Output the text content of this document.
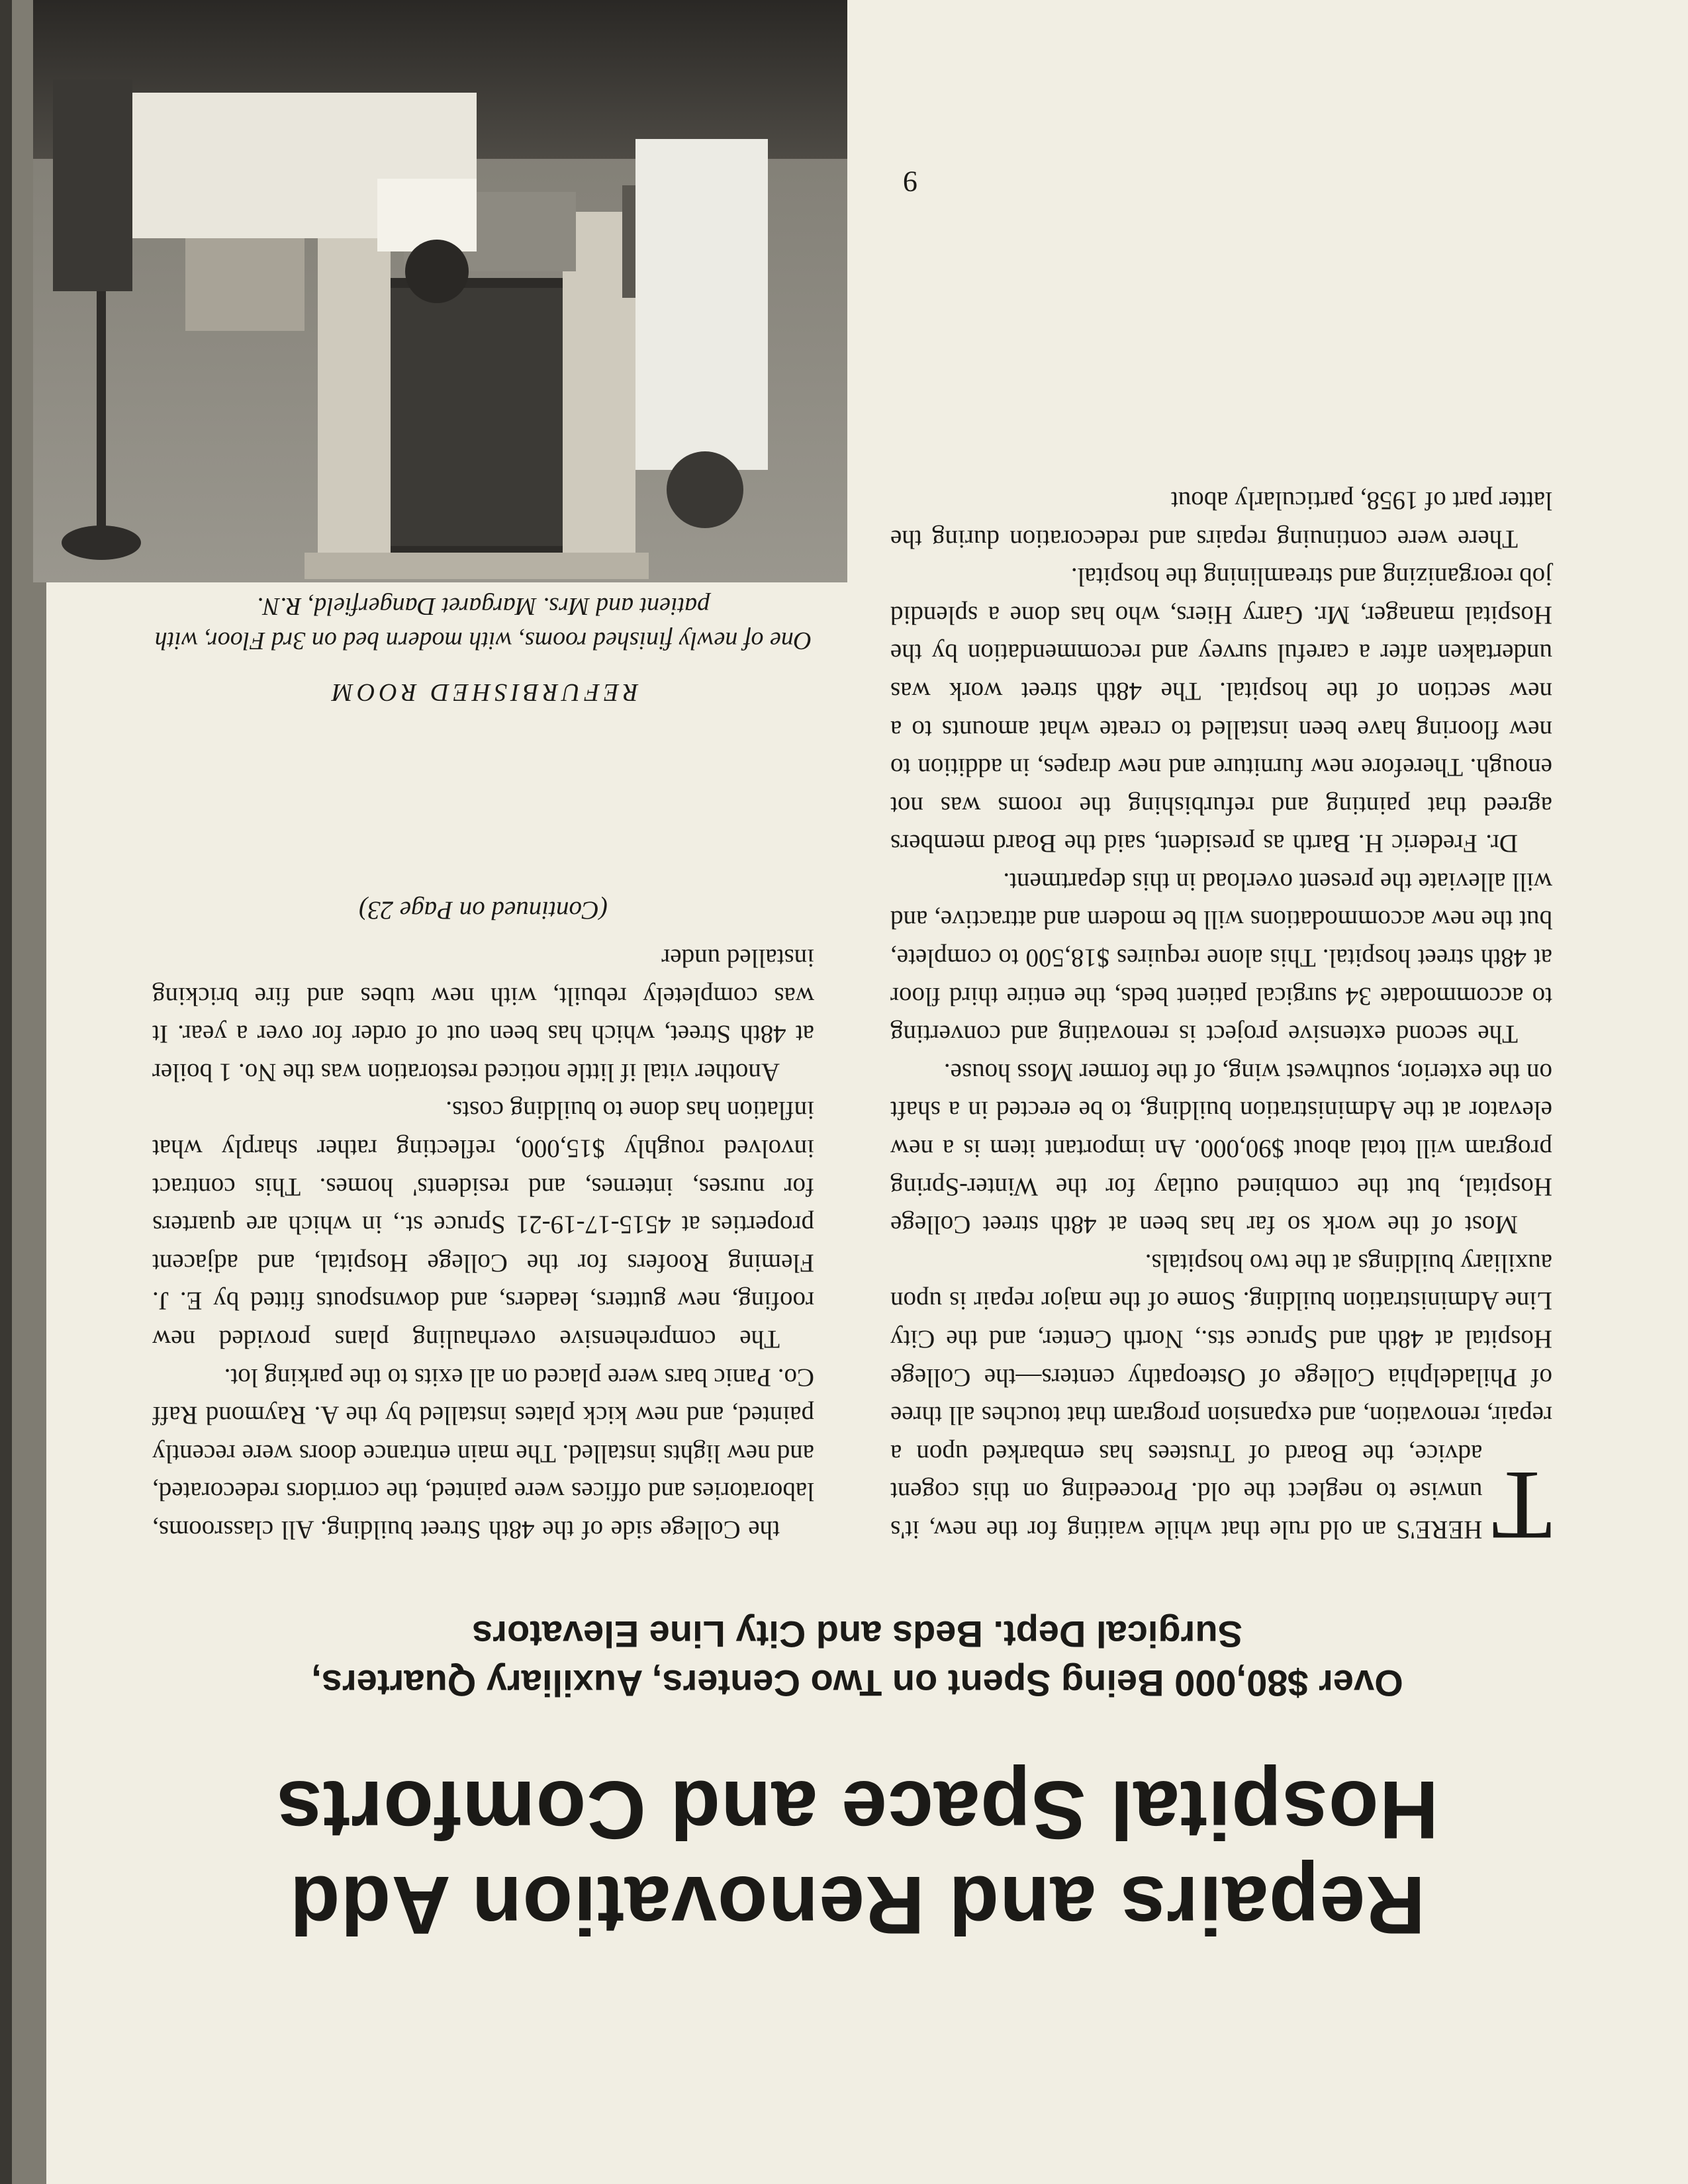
Repairs and Renovation Add Hospital Space and Comforts
Over $80,000 Being Spent on Two Centers, Auxiliary Quarters, Surgical Dept. Beds and City Line Elevators

T
HERE'S an old rule that while waiting for the new, it's unwise to neglect the old. Proceeding on this cogent advice, the Board of Trustees has embarked upon a repair, renovation, and expansion program that touches all three of Philadelphia College of Osteopathy centers—the College Hospital at 48th and Spruce sts., North Center, and the City Line Administration building. Some of the major repair is upon auxiliary buildings at the two hospitals.

Most of the work so far has been at 48th street College Hospital, but the combined outlay for the Winter-Spring program will total about $90,000. An important item is a new elevator at the Administration building, to be erected in a shaft on the exterior, southwest wing, of the former Moss house.

The second extensive project is renovating and converting to accommodate 34 surgical patient beds, the entire third floor at 48th street hospital. This alone requires $18,500 to complete, but the new accommodations will be modern and attractive, and will alleviate the present overload in this department.

Dr. Frederic H. Barth as president, said the Board members agreed that painting and refurbishing the rooms was not enough. Therefore new furniture and new drapes, in addition to new flooring have been installed to create what amounts to a new section of the hospital. The 48th street work was undertaken after a careful survey and recommendation by the Hospital manager, Mr. Garry Hiers, who has done a splendid job reorganizing and streamlining the hospital.

There were continuing repairs and redecoration during the latter part of 1958, particularly about

the College side of the 48th Street building. All classrooms, laboratories and offices were painted, the corridors redecorated, and new lights installed. The main entrance doors were recently painted, and new kick plates installed by the A. Raymond Raff Co. Panic bars were placed on all exits to the parking lot.

The comprehensive overhauling plans provided new roofing, new gutters, leaders, and downspouts fitted by E. J. Fleming Roofers for the College Hospital, and adjacent properties at 4515-17-19-21 Spruce st., in which are quarters for nurses, internes, and residents' homes. This contract involved roughly $15,000, reflecting rather sharply what inflation has done to building costs.

Another vital if little noticed restoration was the No. 1 boiler at 48th Street, which has been out of order for over a year. It was completely rebuilt, with new tubes and fire bricking installed under

(Continued on Page 23)

REFURBISHED ROOM

One of newly finished rooms, with modern bed on 3rd Floor, with patient and Mrs. Margaret Dangerfield, R.N.

9
